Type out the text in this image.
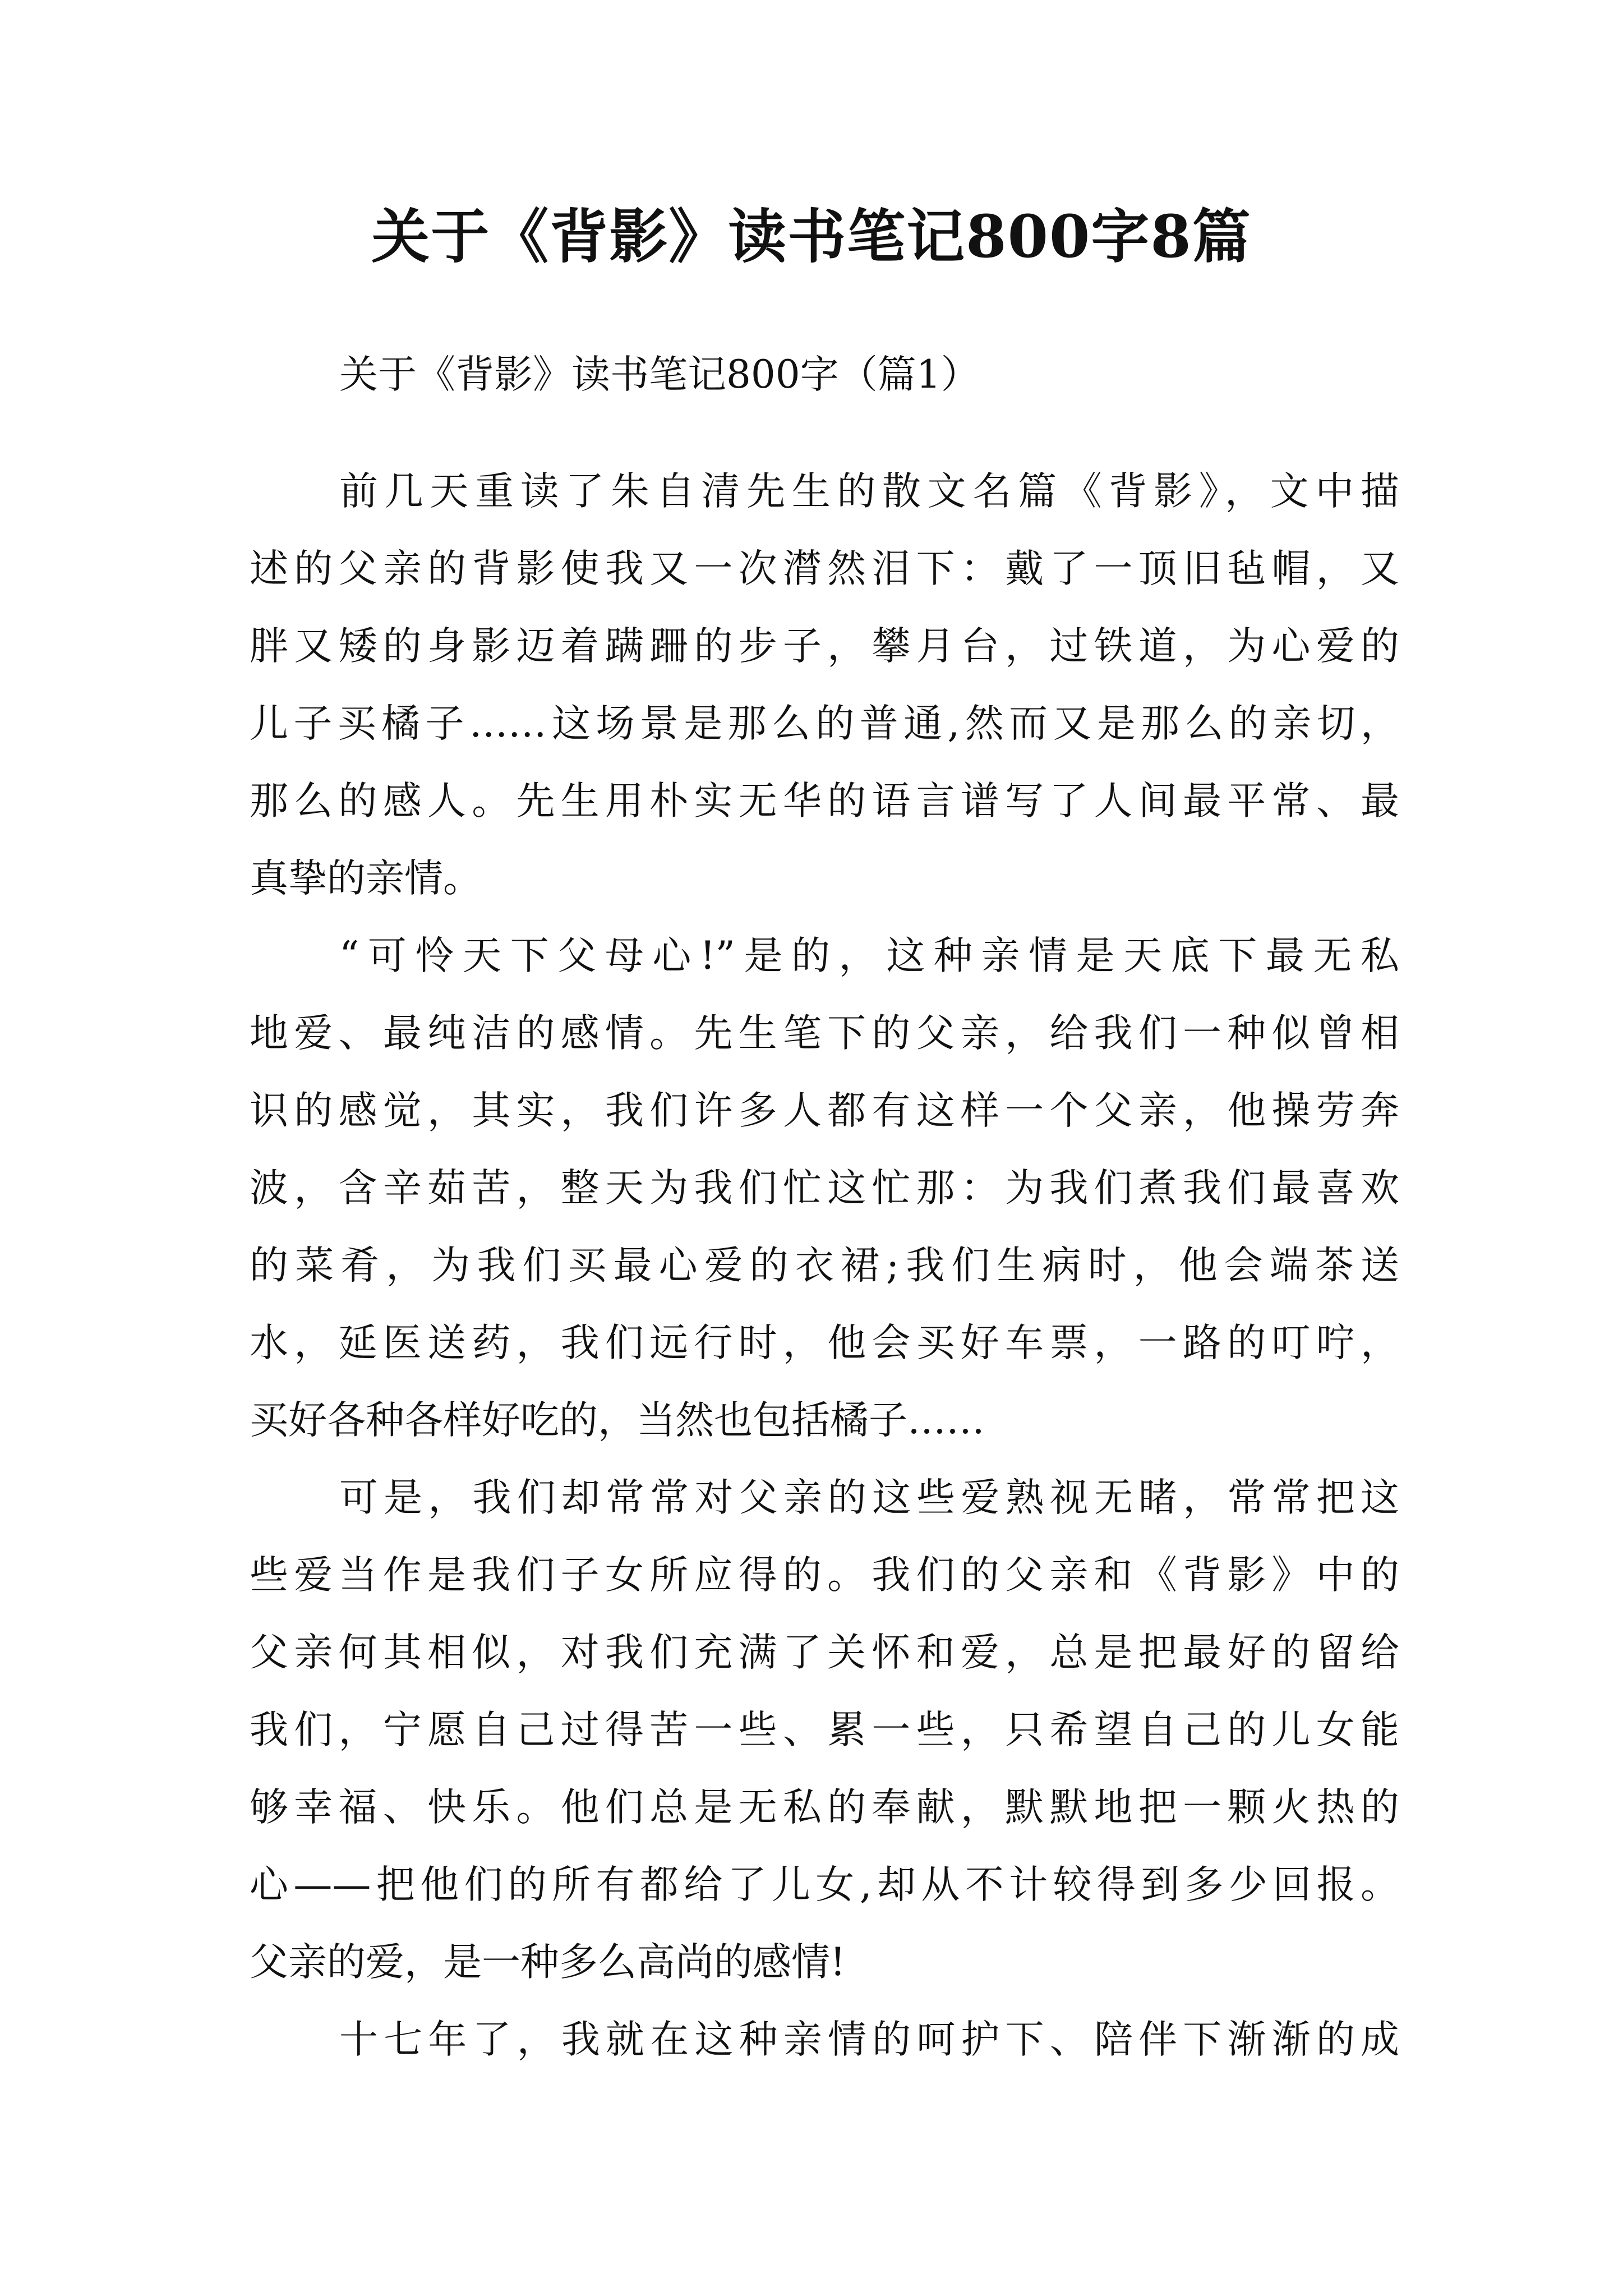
关于《背影》读书笔记800字8篇
关于《背影》读书笔记800字（篇1）
前几天重读了朱自清先生的散文名篇《背影》，文中描
述的父亲的背影使我又一次潸然泪下：戴了一顶旧毡帽，又
胖又矮的身影迈着蹒跚的步子，攀月台，过铁道，为心爱的
儿子买橘子……这场景是那么的普通,然而又是那么的亲切，
那么的感人。先生用朴实无华的语言谱写了人间最平常、最
真挚的亲情。
“可怜天下父母心!”是的，这种亲情是天底下最无私
地爱、最纯洁的感情。先生笔下的父亲，给我们一种似曾相
识的感觉，其实，我们许多人都有这样一个父亲，他操劳奔
波，含辛茹苦，整天为我们忙这忙那：为我们煮我们最喜欢
的菜肴，为我们买最心爱的衣裙;我们生病时，他会端茶送
水，延医送药，我们远行时，他会买好车票，一路的叮咛，
买好各种各样好吃的，当然也包括橘子……
可是，我们却常常对父亲的这些爱熟视无睹，常常把这
些爱当作是我们子女所应得的。我们的父亲和《背影》中的
父亲何其相似，对我们充满了关怀和爱，总是把最好的留给
我们，宁愿自己过得苦一些、累一些，只希望自己的儿女能
够幸福、快乐。他们总是无私的奉献，默默地把一颗火热的
心——把他们的所有都给了儿女,却从不计较得到多少回报。
父亲的爱，是一种多么高尚的感情!
十七年了，我就在这种亲情的呵护下、陪伴下渐渐的成
